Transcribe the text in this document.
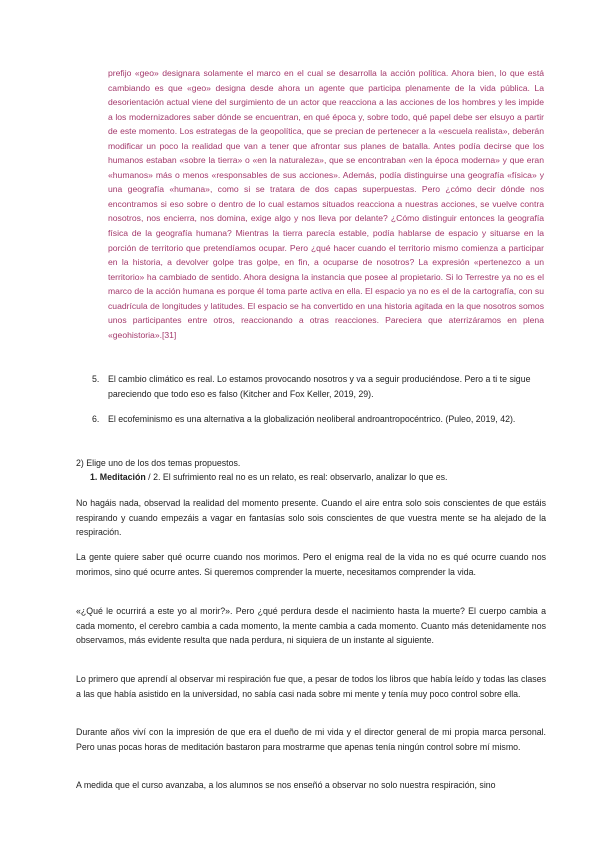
prefijo «geo» designara solamente el marco en el cual se desarrolla la acción política. Ahora bien, lo que está cambiando es que «geo» designa desde ahora un agente que participa plenamente de la vida pública. La desorientación actual viene del surgimiento de un actor que reacciona a las acciones de los hombres y les impide a los modernizadores saber dónde se encuentran, en qué época y, sobre todo, qué papel debe ser elsuyo a partir de este momento. Los estrategas de la geopolítica, que se precian de pertenecer a la «escuela realista», deberán modificar un poco la realidad que van a tener que afrontar sus planes de batalla. Antes podía decirse que los humanos estaban «sobre la tierra» o «en la naturaleza», que se encontraban «en la época moderna» y que eran «humanos» más o menos «responsables de sus acciones». Además, podía distinguirse una geografía «física» y una geografía «humana», como si se tratara de dos capas superpuestas. Pero ¿cómo decir dónde nos encontramos si eso sobre o dentro de lo cual estamos situados reacciona a nuestras acciones, se vuelve contra nosotros, nos encierra, nos domina, exige algo y nos lleva por delante? ¿Cómo distinguir entonces la geografía física de la geografía humana? Mientras la tierra parecía estable, podía hablarse de espacio y situarse en la porción de territorio que pretendíamos ocupar. Pero ¿qué hacer cuando el territorio mismo comienza a participar en la historia, a devolver golpe tras golpe, en fin, a ocuparse de nosotros? La expresión «pertenezco a un territorio» ha cambiado de sentido. Ahora designa la instancia que posee al propietario. Si lo Terrestre ya no es el marco de la acción humana es porque él toma parte activa en ella. El espacio ya no es el de la cartografía, con su cuadrícula de longitudes y latitudes. El espacio se ha convertido en una historia agitada en la que nosotros somos unos participantes entre otros, reaccionando a otras reacciones. Pareciera que aterrizáramos en plena «geohistoria».[31]
5. El cambio climático es real. Lo estamos provocando nosotros y va a seguir produciéndose. Pero a ti te sigue pareciendo que todo eso es falso (Kitcher and Fox Keller, 2019, 29).
6. El ecofeminismo es una alternativa a la globalización neoliberal androantropocéntrico. (Puleo, 2019, 42).
2) Elige uno de los dos temas propuestos.
1. Meditación / 2. El sufrimiento real no es un relato, es real: observarlo, analizar lo que es.

No hagáis nada, observad la realidad del momento presente. Cuando el aire entra solo sois conscientes de que estáis respirando y cuando empezáis a vagar en fantasías solo sois conscientes de que vuestra mente se ha alejado de la respiración.

La gente quiere saber qué ocurre cuando nos morimos. Pero el enigma real de la vida no es qué ocurre cuando nos morimos, sino qué ocurre antes. Si queremos comprender la muerte, necesitamos comprender la vida.

«¿Qué le ocurrirá a este yo al morir?». Pero ¿qué perdura desde el nacimiento hasta la muerte? El cuerpo cambia a cada momento, el cerebro cambia a cada momento, la mente cambia a cada momento. Cuanto más detenidamente nos observamos, más evidente resulta que nada perdura, ni siquiera de un instante al siguiente.

Lo primero que aprendí al observar mi respiración fue que, a pesar de todos los libros que había leído y todas las clases a las que había asistido en la universidad, no sabía casi nada sobre mi mente y tenía muy poco control sobre ella.

Durante años viví con la impresión de que era el dueño de mi vida y el director general de mi propia marca personal. Pero unas pocas horas de meditación bastaron para mostrarme que apenas tenía ningún control sobre mí mismo.

A medida que el curso avanzaba, a los alumnos se nos enseñó a observar no solo nuestra respiración, sino
